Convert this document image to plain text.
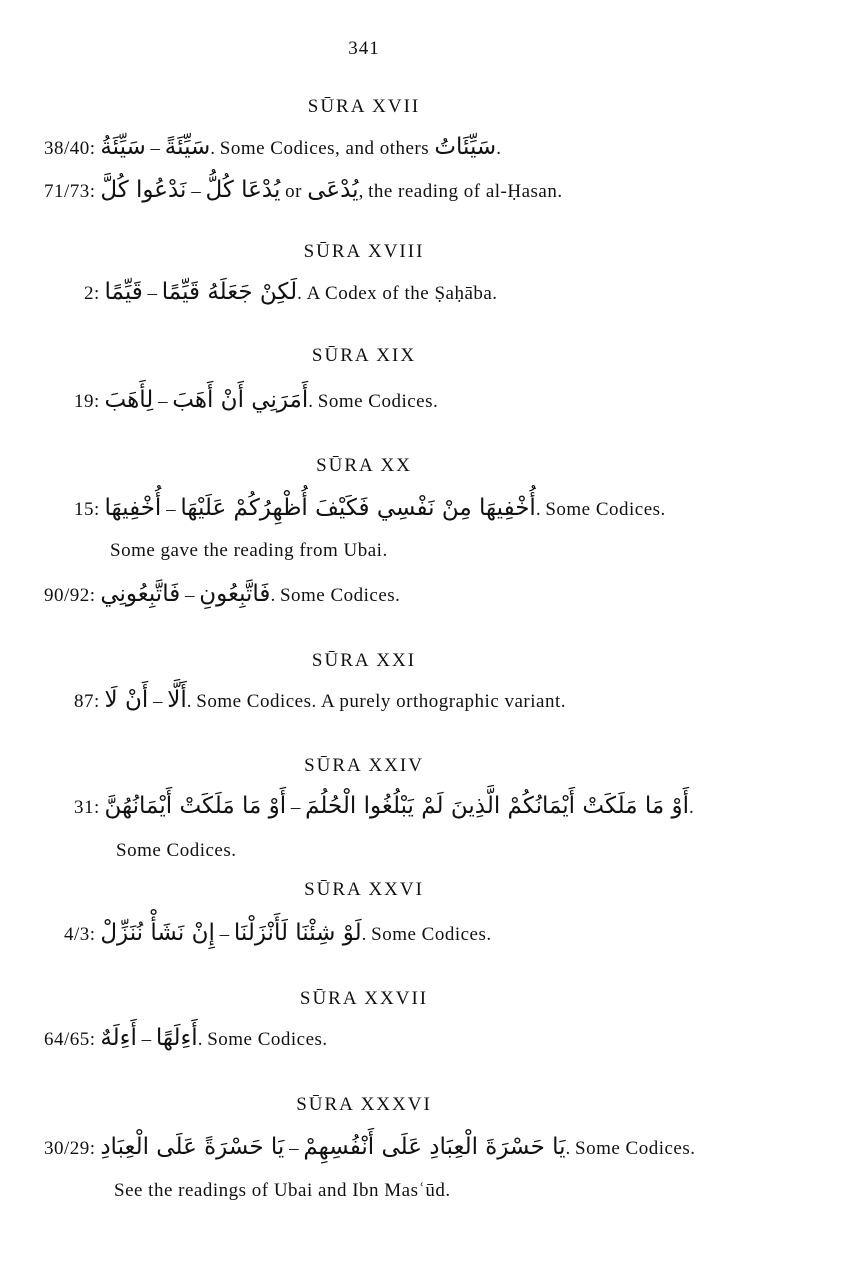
341
SŪRA XVII
38/40: سَيِّئَةُ – سَيِّئَةً. Some Codices, and others سَيِّئَاتُ.
71/73: نَدْعُوا كُلَّ – يُدْعَا كُلُّ or يُدْعَى, the reading of al-Ḥasan.
SŪRA XVIII
2: قَيِّمًا – لَكِنْ جَعَلَهُ قَيِّمًا. A Codex of the Ṣaḥāba.
SŪRA XIX
19: لِأَهَبَ – أَمَرَنِي أَنْ أَهَبَ. Some Codices.
SŪRA XX
15: أُخْفِيهَا – أُخْفِيهَا مِنْ نَفْسِي فَكَيْفَ أُظْهِرُكُمْ عَلَيْهَا. Some Codices.
Some gave the reading from Ubai.
90/92: فَاتَّبِعُونِي – فَاتَّبِعُونِ. Some Codices.
SŪRA XXI
87: أَنْ لَا – أَلَّا. Some Codices. A purely orthographic variant.
SŪRA XXIV
31: أَوْ مَا مَلَكَتْ أَيْمَانُهُنَّ – أَوْ مَا مَلَكَتْ أَيْمَانُكُمْ الَّذِينَ لَمْ يَبْلُغُوا الْحُلُمَ.
Some Codices.
SŪRA XXVI
4/3: إِنْ نَشَأْ نُنَزِّلْ – لَوْ شِئْنَا لَأَنْزَلْنَا. Some Codices.
SŪRA XXVII
64/65: أَءِلَهٌ – أَءِلَهًا. Some Codices.
SŪRA XXXVI
30/29: يَا حَسْرَةً عَلَى الْعِبَادِ – يَا حَسْرَةَ الْعِبَادِ عَلَى أَنْفُسِهِمْ. Some Codices.
See the readings of Ubai and Ibn Masʿūd.
